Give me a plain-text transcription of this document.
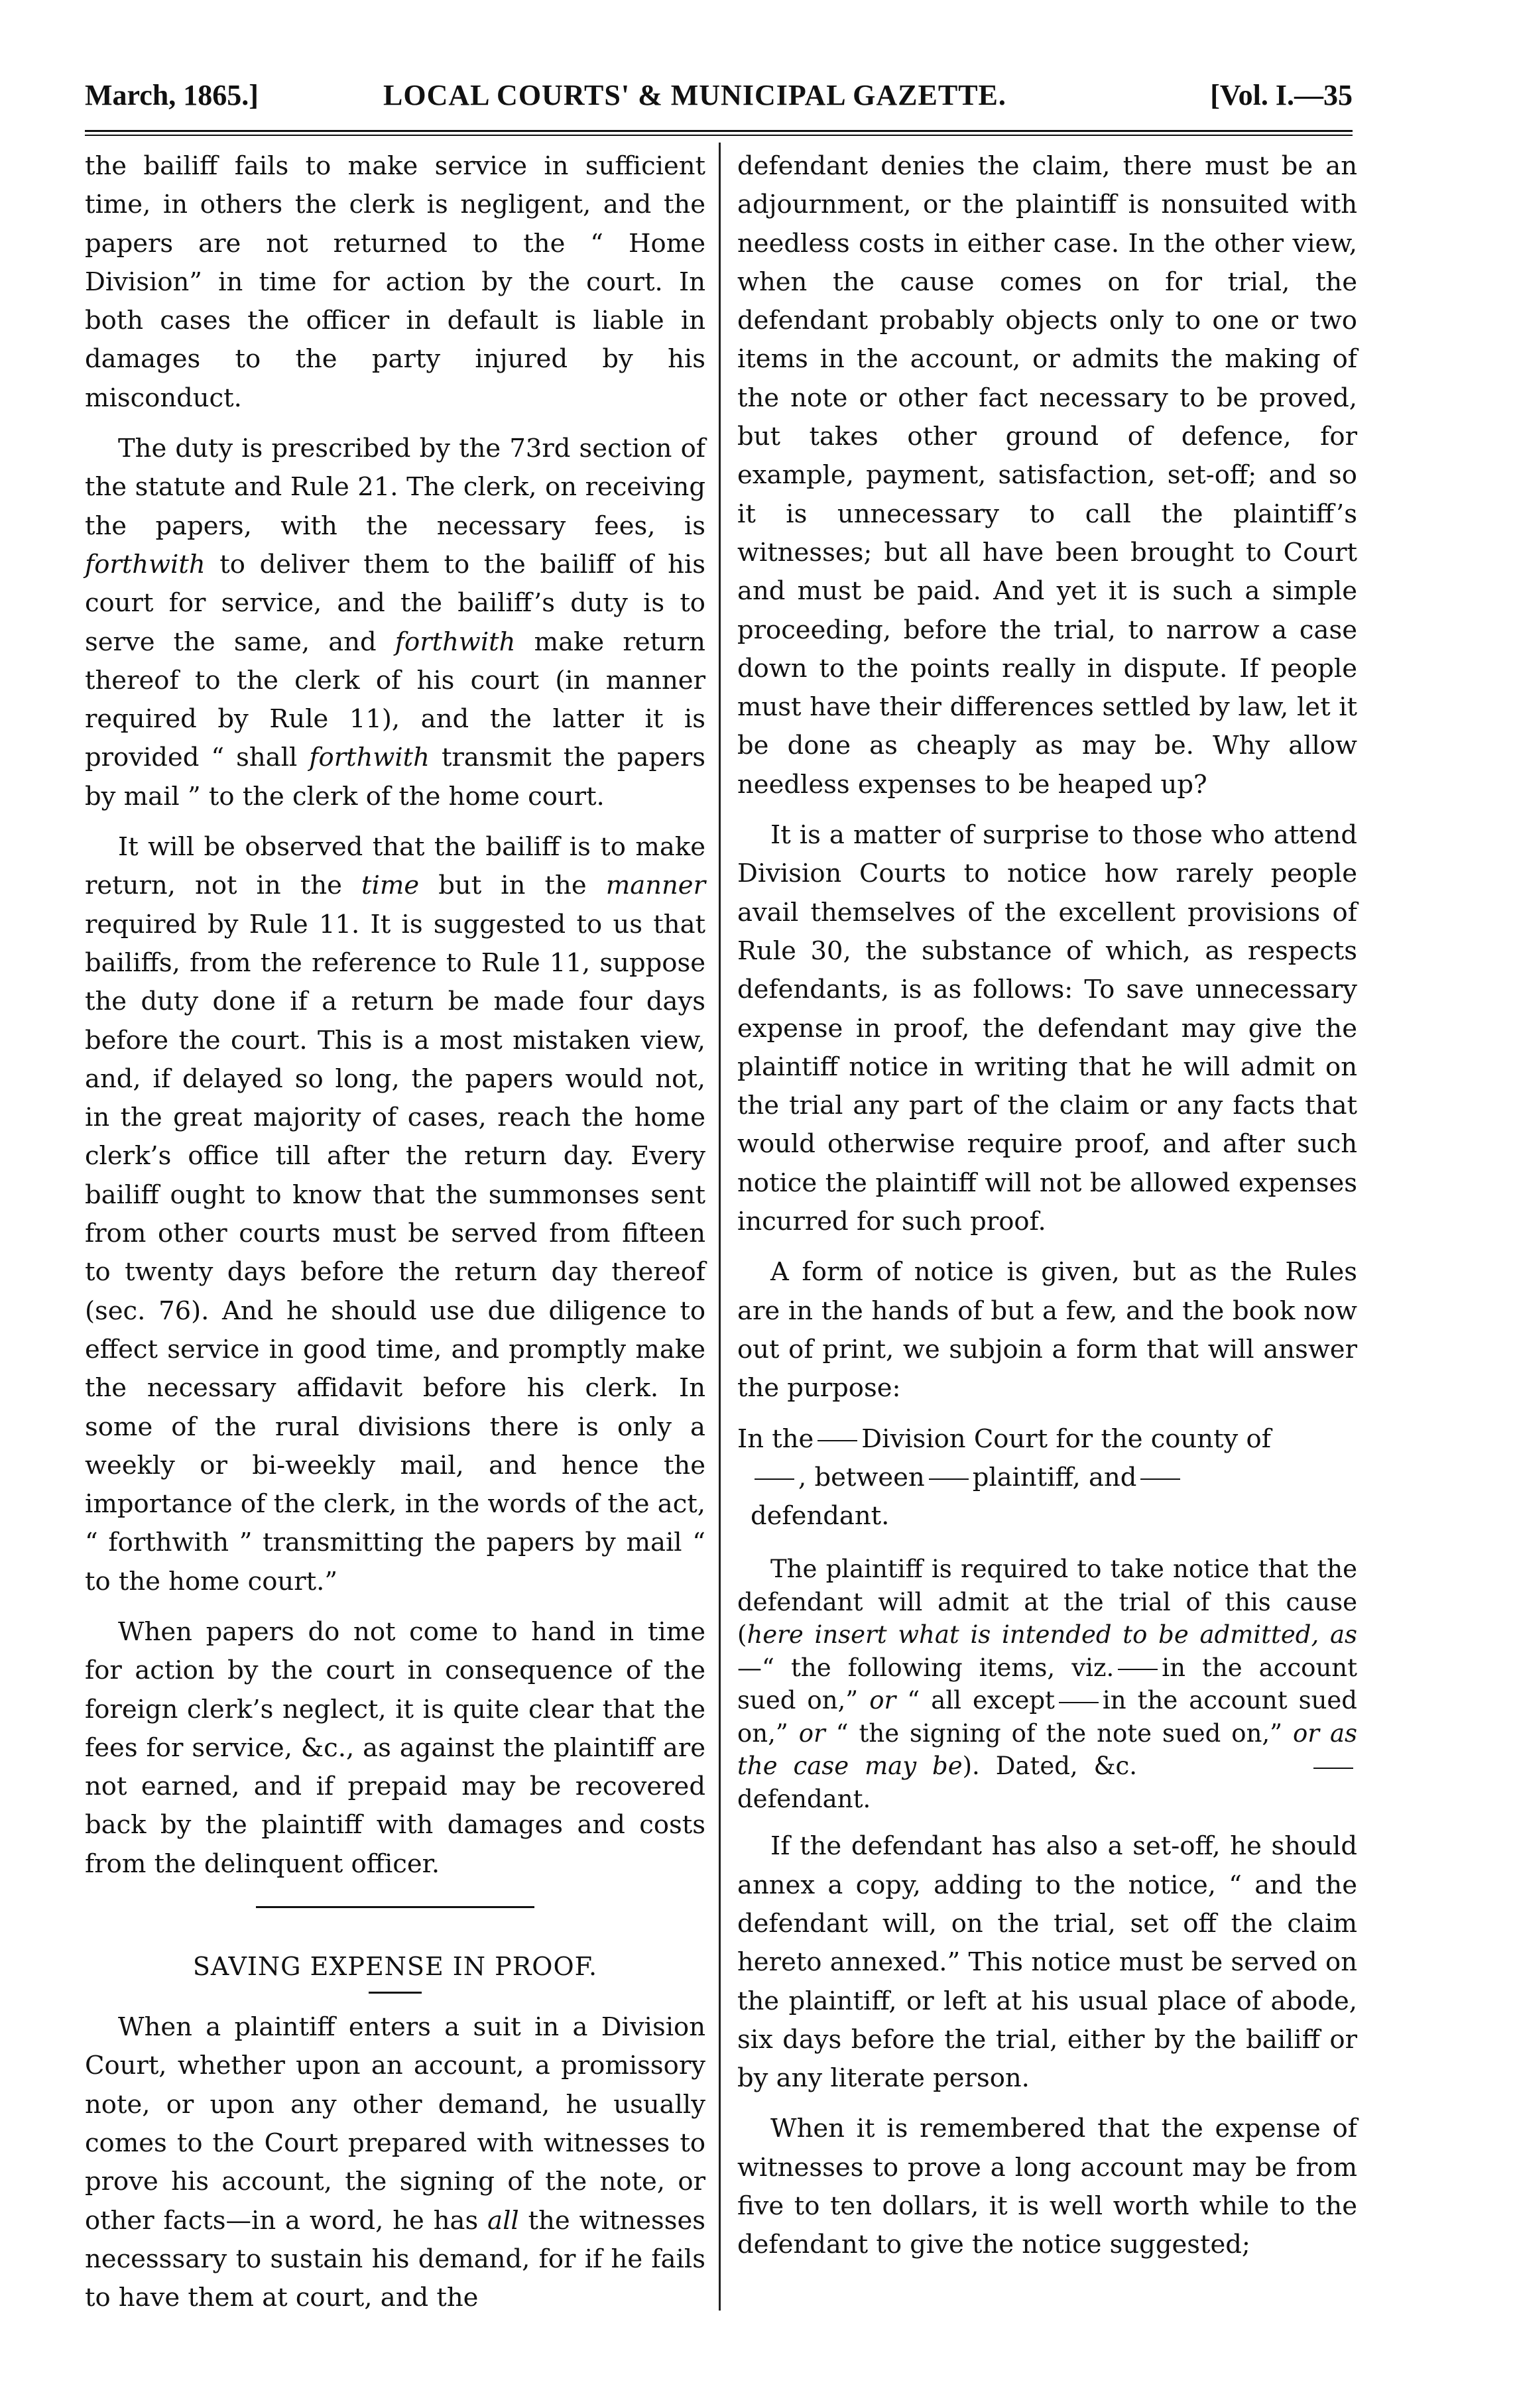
March, 1865.]	LOCAL COURTS' & MUNICIPAL GAZETTE.	[Vol. I.—35

the bailiff fails to make service in sufficient time, in others the clerk is negligent, and the papers are not returned to the “ Home Division” in time for action by the court. In both cases the officer in default is liable in damages to the party injured by his misconduct.

The duty is prescribed by the 73rd section of the statute and Rule 21. The clerk, on receiving the papers, with the necessary fees, is forthwith to deliver them to the bailiff of his court for service, and the bailiff’s duty is to serve the same, and forthwith make return thereof to the clerk of his court (in manner required by Rule 11), and the latter it is provided “ shall forthwith transmit the papers by mail ” to the clerk of the home court.

It will be observed that the bailiff is to make return, not in the time but in the manner required by Rule 11. It is suggested to us that bailiffs, from the reference to Rule 11, suppose the duty done if a return be made four days before the court. This is a most mistaken view, and, if delayed so long, the papers would not, in the great majority of cases, reach the home clerk’s office till after the return day. Every bailiff ought to know that the summonses sent from other courts must be served from fifteen to twenty days before the return day thereof (sec. 76). And he should use due diligence to effect service in good time, and promptly make the necessary affidavit before his clerk. In some of the rural divisions there is only a weekly or bi-weekly mail, and hence the importance of the clerk, in the words of the act, “ forthwith ” transmitting the papers by mail “ to the home court.”

When papers do not come to hand in time for action by the court in consequence of the foreign clerk’s neglect, it is quite clear that the fees for service, &c., as against the plaintiff are not earned, and if prepaid may be recovered back by the plaintiff with damages and costs from the delinquent officer.

SAVING EXPENSE IN PROOF.

When a plaintiff enters a suit in a Division Court, whether upon an account, a promissory note, or upon any other demand, he usually comes to the Court prepared with witnesses to prove his account, the signing of the note, or other facts—in a word, he has all the witnesses necesssary to sustain his demand, for if he fails to have them at court, and the

defendant denies the claim, there must be an adjournment, or the plaintiff is nonsuited with needless costs in either case. In the other view, when the cause comes on for trial, the defendant probably objects only to one or two items in the account, or admits the making of the note or other fact necessary to be proved, but takes other ground of defence, for example, payment, satisfaction, set-off; and so it is unnecessary to call the plaintiff’s witnesses; but all have been brought to Court and must be paid. And yet it is such a simple proceeding, before the trial, to narrow a case down to the points really in dispute. If people must have their differences settled by law, let it be done as cheaply as may be. Why allow needless expenses to be heaped up?

It is a matter of surprise to those who attend Division Courts to notice how rarely people avail themselves of the excellent provisions of Rule 30, the substance of which, as respects defendants, is as follows: To save unnecessary expense in proof, the defendant may give the plaintiff notice in writing that he will admit on the trial any part of the claim or any facts that would otherwise require proof, and after such notice the plaintiff will not be allowed expenses incurred for such proof.

A form of notice is given, but as the Rules are in the hands of but a few, and the book now out of print, we subjoin a form that will answer the purpose:

In the Division Court for the county of

, between plaintiff, and

defendant.

The plaintiff is required to take notice that the defendant will admit at the trial of this cause (here insert what is intended to be admitted, as—“ the following items, viz. in the account sued on,” or “ all except in the account sued on,” or “ the signing of the note sued on,” or as the case may be). Dated, &c.defendant.

If the defendant has also a set-off, he should annex a copy, adding to the notice, “ and the defendant will, on the trial, set off the claim hereto annexed.” This notice must be served on the plaintiff, or left at his usual place of abode, six days before the trial, either by the bailiff or by any literate person.

When it is remembered that the expense of witnesses to prove a long account may be from five to ten dollars, it is well worth while to the defendant to give the notice suggested;
